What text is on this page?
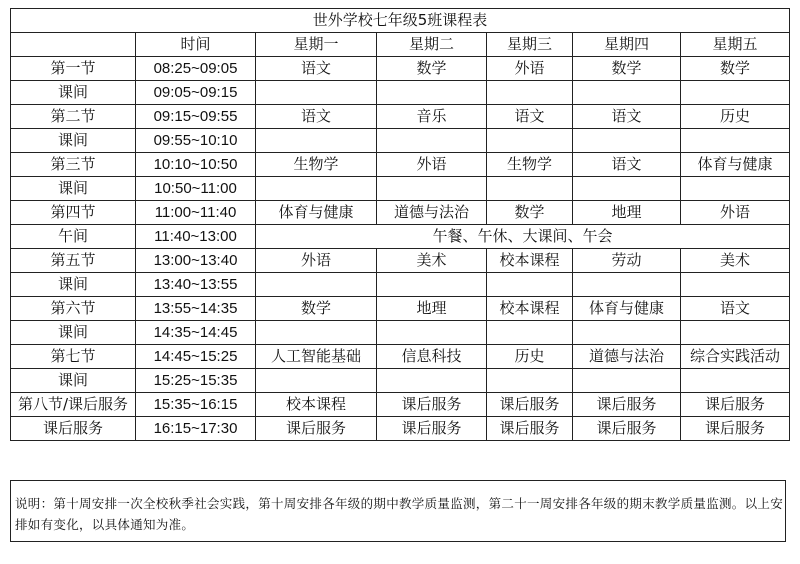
世外学校七年级5班课程表						
	时间	星期一	星期二	星期三	星期四	星期五
第一节	08:25~09:05	语文	数学	外语	数学	数学
课间	09:05~09:15					
第二节	09:15~09:55	语文	音乐	语文	语文	历史
课间	09:55~10:10					
第三节	10:10~10:50	生物学	外语	生物学	语文	体育与健康
课间	10:50~11:00					
第四节	11:00~11:40	体育与健康	道德与法治	数学	地理	外语
午间	11:40~13:00	午餐、午休、大课间、午会				
第五节	13:00~13:40	外语	美术	校本课程	劳动	美术
课间	13:40~13:55					
第六节	13:55~14:35	数学	地理	校本课程	体育与健康	语文
课间	14:35~14:45					
第七节	14:45~15:25	人工智能基础	信息科技	历史	道德与法治	综合实践活动
课间	15:25~15:35					
第八节/课后服务	15:35~16:15	校本课程	课后服务	课后服务	课后服务	课后服务
课后服务	16:15~17:30	课后服务	课后服务	课后服务	课后服务	课后服务
说明：第十周安排一次全校秋季社会实践，第十周安排各年级的期中教学质量监测，第二十一周安排各年级的期末教学质量监测。以上安排如有变化，以具体通知为准。
